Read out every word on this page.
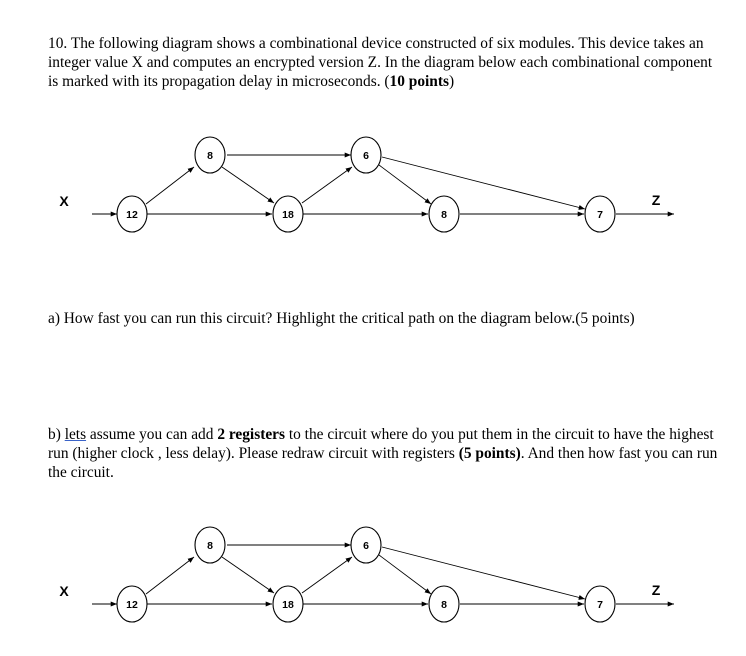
10. The following diagram shows a combinational device constructed of six modules. This device takes an integer value X and computes an encrypted version Z. In the diagram below each combinational component is marked with its propagation delay in microseconds. (10 points)

X	Z
12
8
18
6
8	7

a) How fast you can run this circuit? Highlight the critical path on the diagram below.(5 points)

b) lets assume you can add 2 registers to the circuit where do you put them in the circuit to have the highest run (higher clock , less delay). Please redraw circuit with registers (5 points). And then how fast you can run the circuit.

X	Z
12
8
18
6
8	7
